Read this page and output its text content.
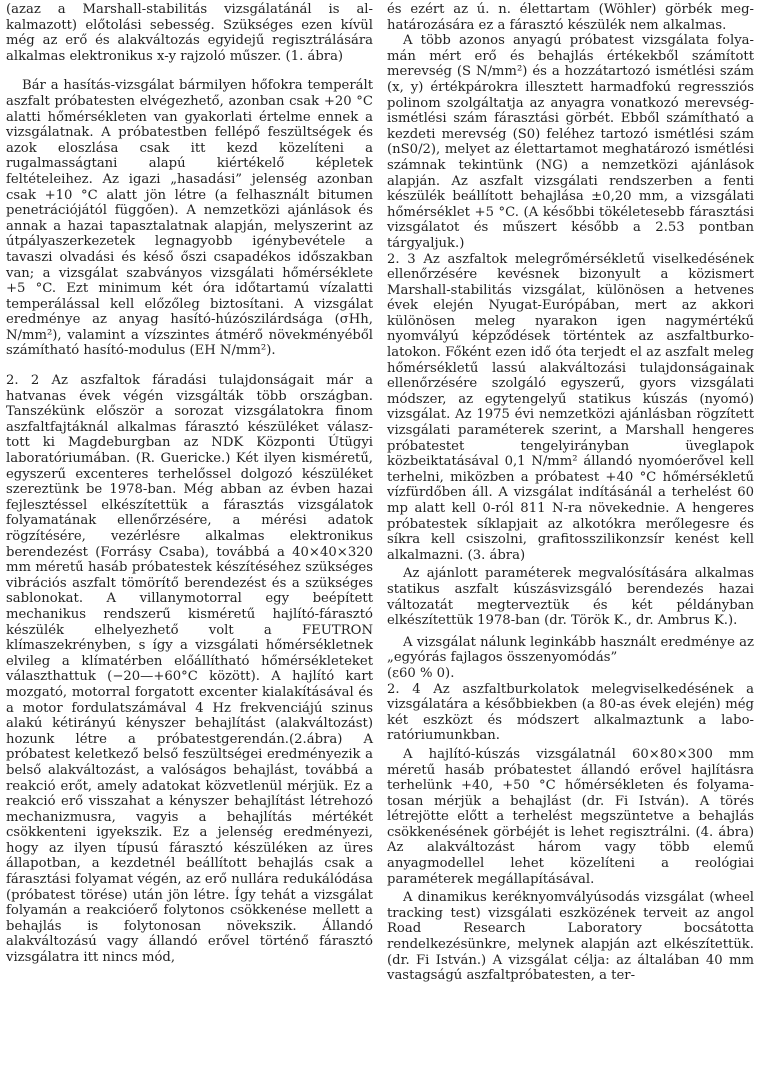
(azaz a Marshall-stabilitás vizsgálatánál is alkalmazott) előtolási sebesség. Szükséges ezen kívül még az erő és alakváltozás egyidejű regisztrálására alkalmas elektronikus x-y rajzoló műszer. (1. ábra)

Bár a hasítás-vizsgálat bármilyen hőfokra temperált aszfalt próbatesten elvégezhető, azonban csak +20 °C alatti hőmérsékleten van gyakorlati értelme ennek a vizsgálatnak. A próbatestben fellépő feszültségek és azok eloszlása csak itt kezd közelíteni a rugalmasságtani alapú kiértékelő képletek feltételeihez. Az igazi „hasadási” jelenség azonban csak +10 °C alatt jön létre (a felhasznált bitumen penetrációjától függően). A nemzetközi ajánlások és annak a hazai tapasztalatnak alapján, melyszerint az útpályaszerkezetek legnagyobb igénybevétele a tavaszi olvadási és késő őszi csapadékos időszakban van; a vizsgálat szabványos vizsgálati hőmérséklete +5 °C. Ezt minimum két óra időtartamú vízalatti temperálással kell előzőleg biztosítani. A vizsgálat eredménye az anyag hasító-húzószilárdsága (σHh, N/mm²), valamint a vízszintes átmérő növekményéből számítható hasító-modulus (EH N/mm²).

2. 2 Az aszfaltok fáradási tulajdonságait már a hatvanas évek végén vizsgálták több országban. Tanszékünk először a sorozat vizsgálatokra finom aszfaltfajtáknál alkalmas fárasztó készüléket választott ki Magdeburgban az NDK Központi Útügyi laboratóriumában. (R. Guericke.) Két ilyen kisméretű, egyszerű excenteres terhelőssel dolgozó készüléket szereztünk be 1978-ban. Még abban az évben hazai fejlesztéssel elkészítettük a fárasztás vizsgálatok folyamatának ellenőrzésére, a mérési adatok rögzítésére, vezérlésre alkalmas elektronikus berendezést (Forrásy Csaba), továbbá a 40×40×320 mm méretű hasáb próbatestek készítéséhez szükséges vibrációs aszfalt tömörítő berendezést és a szükséges sablonokat. A villanymotorral egy beépített mechanikus rendszerű kisméretű hajlító-fárasztó készülék elhelyezhető volt a FEUTRON klímaszekrényben, s így a vizsgálati hőmérsékletnek elvileg a klímatérben előállítható hőmérsékleteket választhattuk (−20—+60°C között). A hajlító kart mozgató, motorral forgatott excenter kialakításával és a motor fordulatszámával 4 Hz frekvenciájú szinus alakú kétirányú kényszer behajlítást (alakváltozást) hozunk létre a próbatestgerendán.(2.ábra) A próbatest keletkező belső feszültségei eredményezik a belső alakváltozást, a valóságos behajlást, továbbá a reakció erőt, amely adatokat közvetlenül mérjük. Ez a reakció erő visszahat a kényszer behajlítást létrehozó mechanizmusra, vagyis a behajlítás mértékét csökkenteni igyekszik. Ez a jelenség eredményezi, hogy az ilyen típusú fárasztó készüléken az üres állapotban, a kezdetnél beállított behajlás csak a fárasztási folyamat végén, az erő nullára redukálódása (próbatest törése) után jön létre. Így tehát a vizsgálat folyamán a reakcióerő folytonos csökkenése mellett a behajlás is folytonosan növekszik. Állandó alakváltozású vagy állandó erővel történő fárasztó vizsgálatra itt nincs mód,

és ezért az ú. n. élettartam (Wöhler) görbék meghatározására ez a fárasztó készülék nem alkalmas.

A több azonos anyagú próbatest vizsgálata folyamán mért erő és behajlás értékekből számított merevség (S N/mm²) és a hozzátartozó ismétlési szám (x, y) értékpárokra illesztett harmadfokú regressziós polinom szolgáltatja az anyagra vonatkozó merevség-ismétlési szám fárasztási görbét. Ebből számítható a kezdeti merevség (S0) feléhez tartozó ismétlési szám (nS0/2), melyet az élettartamot meghatározó ismétlési számnak tekintünk (NG) a nemzetközi ajánlások alapján. Az aszfalt vizsgálati rendszerben a fenti készülék beállított behajlása ±0,20 mm, a vizsgálati hőmérséklet +5 °C. (A későbbi tökéletesebb fárasztási vizsgálatot és műszert később a 2.53 pontban tárgyaljuk.)

2. 3 Az aszfaltok melegrőmérsékletű viselkedésének ellenőrzésére kevésnek bizonyult a közismert Marshall-stabilitás vizsgálat, különösen a hetvenes évek elején Nyugat-Európában, mert az akkori különösen meleg nyarakon igen nagymértékű nyomvályú képződések történtek az aszfaltburkolatokon. Főként ezen idő óta terjedt el az aszfalt meleg hőmérsékletű lassú alakváltozási tulajdonságainak ellenőrzésére szolgáló egyszerű, gyors vizsgálati módszer, az egytengelyű statikus kúszás (nyomó) vizsgálat. Az 1975 évi nemzetközi ajánlásban rögzített vizsgálati paraméterek szerint, a Marshall hengeres próbatestet tengelyirányban üveglapok közbeiktatásával 0,1 N/mm² állandó nyomóerővel kell terhelni, miközben a próbatest +40 °C hőmérsékletű vízfürdőben áll. A vizsgálat indításánál a terhelést 60 mp alatt kell 0-ról 811 N-ra növekednie. A hengeres próbatestek síklapjait az alkotókra merőlegesre és síkra kell csiszolni, grafitosszilikonzsír kenést kell alkalmazni. (3. ábra)

Az ajánlott paraméterek megvalósítására alkalmas statikus aszfalt kúszásvizsgáló berendezés hazai változatát megterveztük és két példányban elkészítettük 1978-ban (dr. Török K., dr. Ambrus K.).

A vizsgálat nálunk leginkább használt eredménye az „egyórás fajlagos összenyomódás”

(ε60 % 0).

2. 4 Az aszfaltburkolatok melegviselkedésének a vizsgálatára a későbbiekben (a 80-as évek elején) még két eszközt és módszert alkalmaztunk a laboratóriumunkban.

A hajlító-kúszás vizsgálatnál 60×80×300 mm méretű hasáb próbatestet állandó erővel hajlításra terhelünk +40, +50 °C hőmérsékleten és folyamatosan mérjük a behajlást (dr. Fi István). A törés létrejötte előtt a terhelést megszüntetve a behajlás csökkenésének görbéjét is lehet regisztrálni. (4. ábra) Az alakváltozást három vagy több elemű anyagmodellel lehet közelíteni a reológiai paraméterek megállapításával.

A dinamikus keréknyomvályúsodás vizsgálat (wheel tracking test) vizsgálati eszközének terveit az angol Road Research Laboratory bocsátotta rendelkezésünkre, melynek alapján azt elkészítettük. (dr. Fi István.) A vizsgálat célja: az általában 40 mm vastagságú aszfaltpróbatesten, a ter-
